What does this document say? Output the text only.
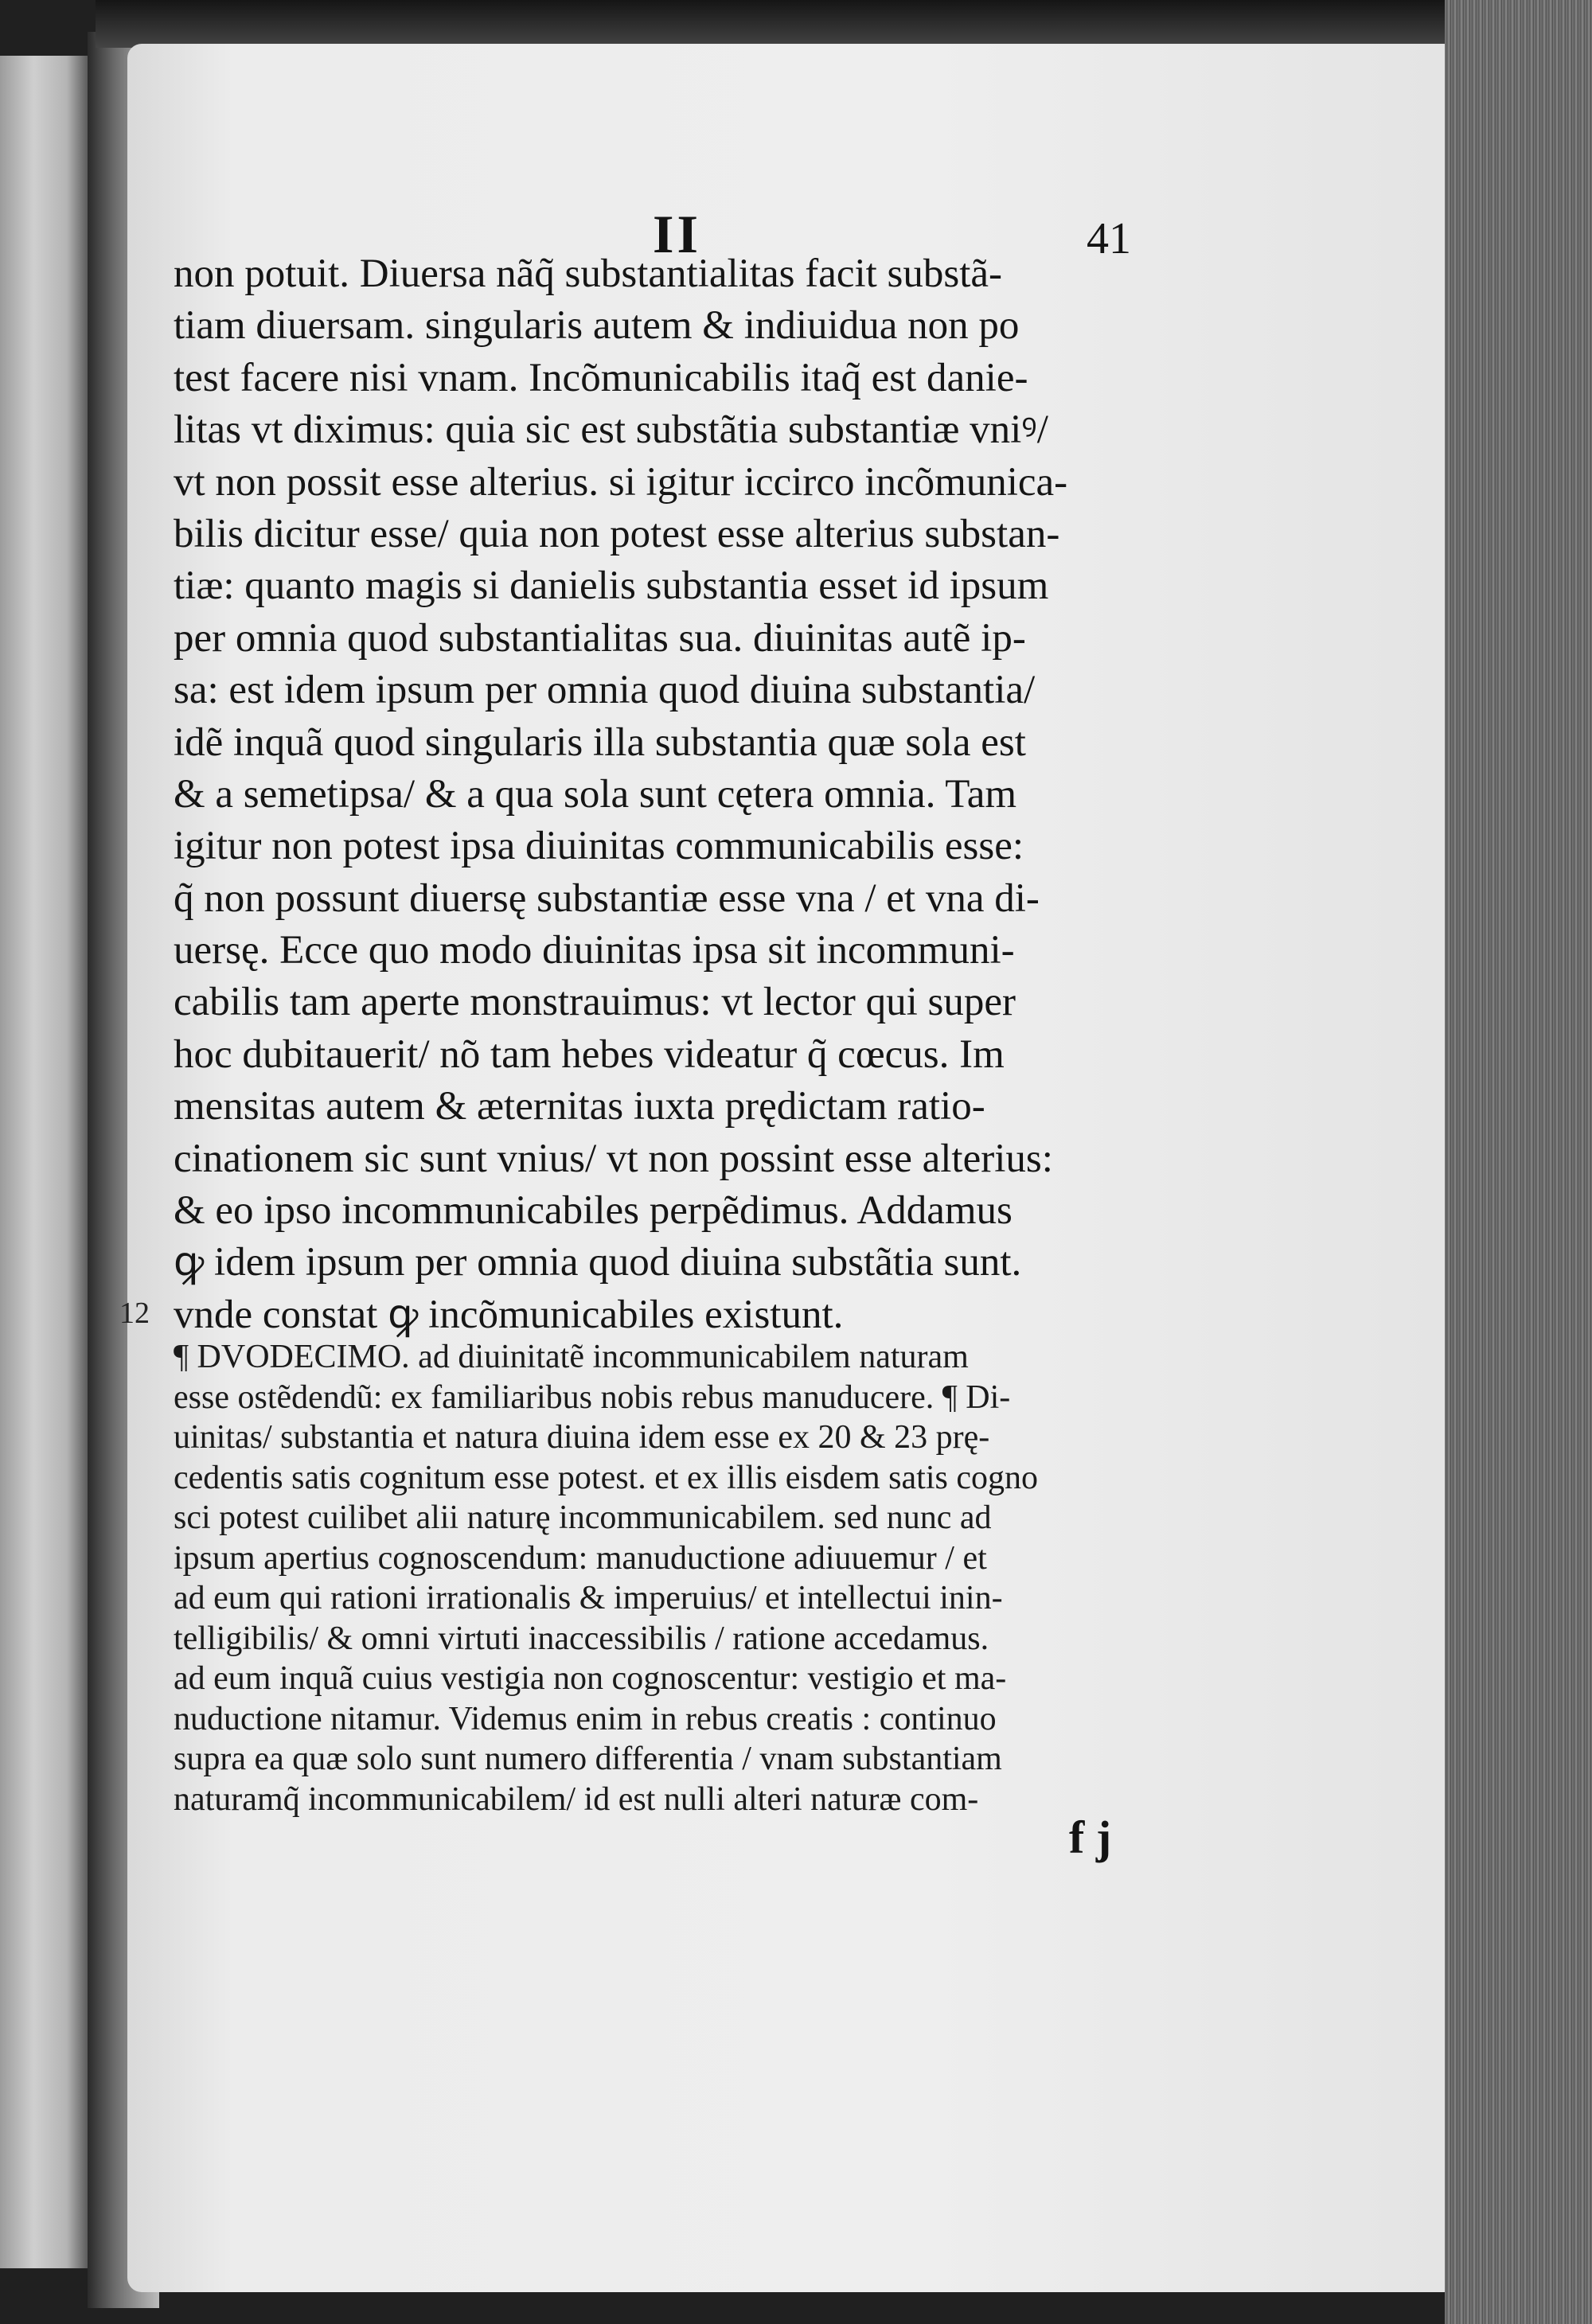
II	41
non potuit. Diuersa nãq̃ substantialitas facit substã-
tiam diuersam. singularis autem & indiuidua non po
test facere nisi vnam. Incõmunicabilis itaq̃ est danie-
litas vt diximus: quia sic est substãtia substantiæ vniꝰ/
vt non possit esse alterius. si igitur iccirco incõmunica-
bilis dicitur esse/ quia non potest esse alterius substan-
tiæ: quanto magis si danielis substantia esset id ipsum
per omnia quod substantialitas sua. diuinitas autẽ ip-
sa: est idem ipsum per omnia quod diuina substantia/
idẽ inquã quod singularis illa substantia quæ sola est
& a semetipsa/ & a qua sola sunt cętera omnia. Tam
igitur non potest ipsa diuinitas communicabilis esse:
q̃ non possunt diuersę substantiæ esse vna / et vna di-
uersę. Ecce quo modo diuinitas ipsa sit incommuni-
cabilis tam aperte monstrauimus: vt lector qui super
hoc dubitauerit/ nõ tam hebes videatur q̃ cœcus. Im
mensitas autem & æternitas iuxta prędictam ratio-
cinationem sic sunt vnius/ vt non possint esse alterius:
& eo ipso incommunicabiles perpẽdimus. Addamus
ꝙ idem ipsum per omnia quod diuina substãtia sunt.
vnde constat ꝙ incõmunicabiles existunt.
12
¶ DVODECIMO. ad diuinitatẽ incommunicabilem naturam
esse ostẽdendũ: ex familiaribus nobis rebus manuducere. ¶ Di-
uinitas/ substantia et natura diuina idem esse ex 20 & 23 prę-
cedentis satis cognitum esse potest. et ex illis eisdem satis cogno
sci potest cuilibet alii naturę incommunicabilem. sed nunc ad
ipsum apertius cognoscendum: manuductione adiuuemur / et
ad eum qui rationi irrationalis & imperuius/ et intellectui inin-
telligibilis/ & omni virtuti inaccessibilis / ratione accedamus.
ad eum inquã cuius vestigia non cognoscentur: vestigio et ma-
nuductione nitamur. Videmus enim in rebus creatis : continuo
supra ea quæ solo sunt numero differentia / vnam substantiam
naturamq̃ incommunicabilem/ id est nulli alteri naturæ com-
f j
